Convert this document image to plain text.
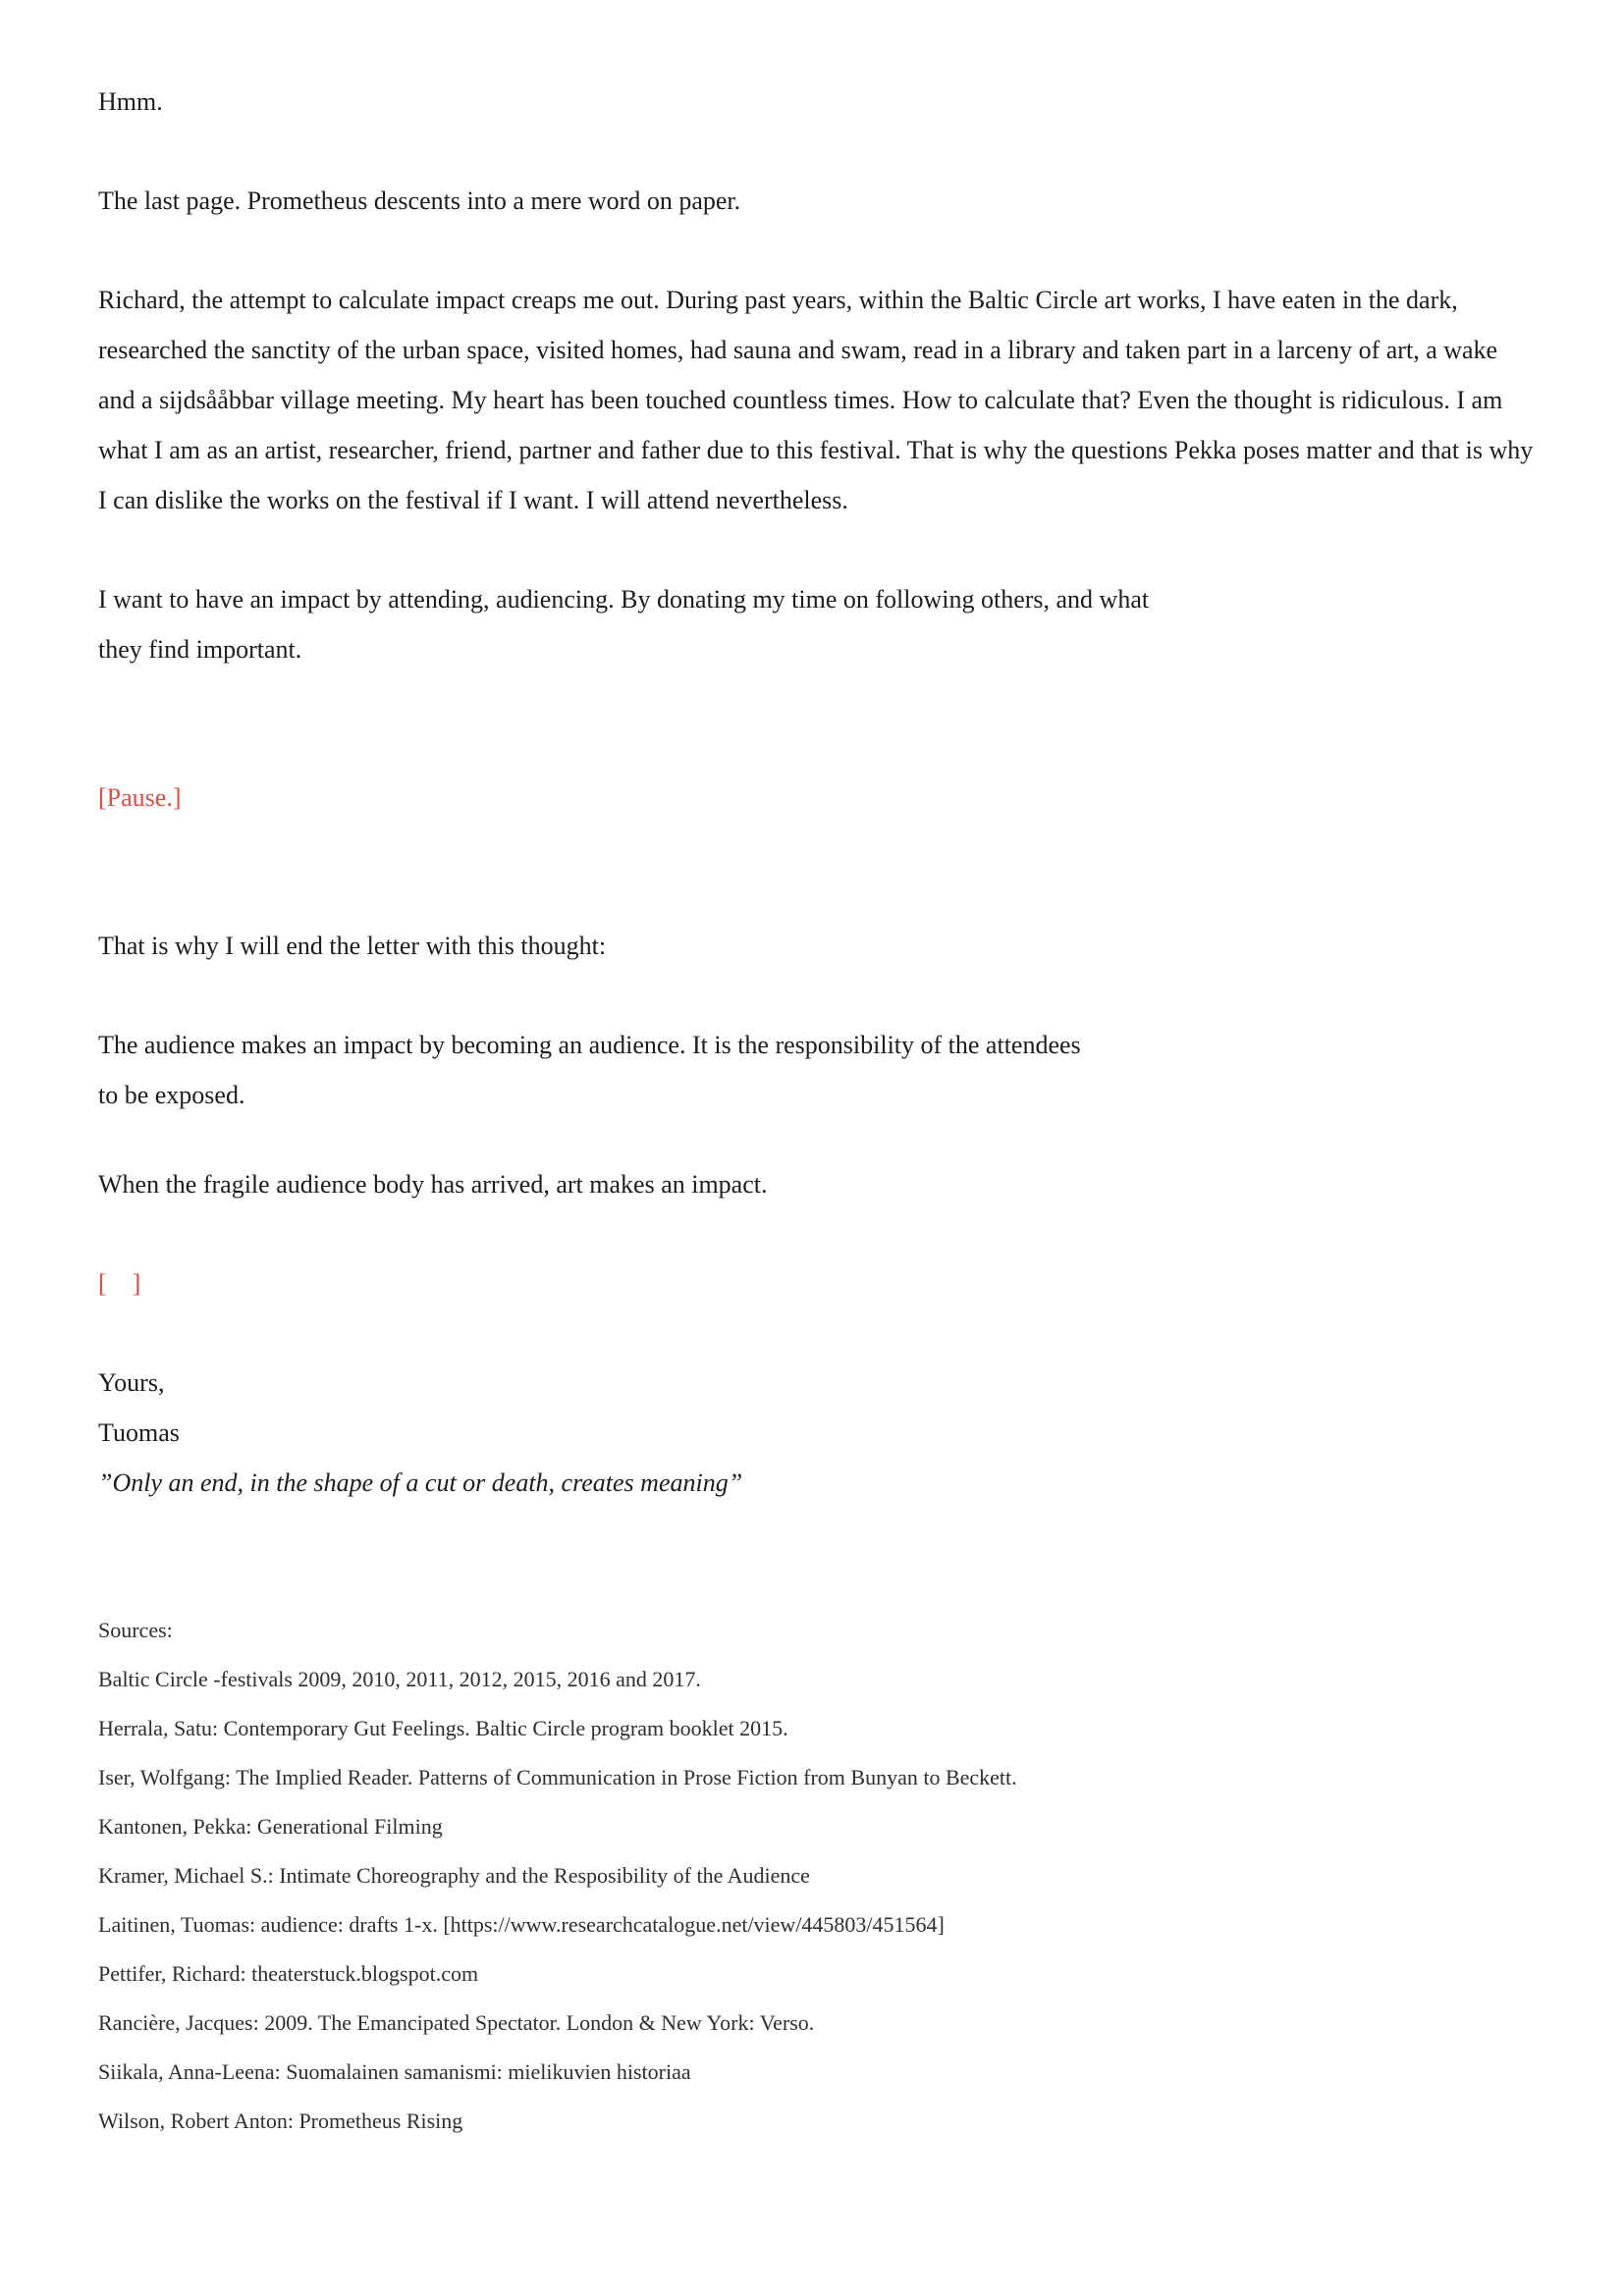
Hmm.

The last page. Prometheus descents into a mere word on paper.

Richard, the attempt to calculate impact creaps me out. During past years, within the Baltic Circle art works, I have eaten in the dark, researched the sanctity of the urban space, visited homes, had sauna and swam, read in a library and taken part in a larceny of art, a wake and a sijdsååbbar village meeting. My heart has been touched countless times. How to calculate that? Even the thought is ridiculous. I am what I am as an artist, researcher, friend, partner and father due to this festival. That is why the questions Pekka poses matter and that is why I can dislike the works on the festival if I want. I will attend nevertheless.

I want to have an impact by attending, audiencing. By donating my time on following others, and what
they find important.

[Pause.]

That is why I will end the letter with this thought:

The audience makes an impact by becoming an audience. It is the responsibility of the attendees
to be exposed.

When the fragile audience body has arrived, art makes an impact.

[    ]

Yours,
Tuomas
”Only an end, in the shape of a cut or death, creates meaning”
Sources:
Baltic Circle -festivals 2009, 2010, 2011, 2012, 2015, 2016 and 2017.
Herrala, Satu: Contemporary Gut Feelings. Baltic Circle program booklet 2015.
Iser, Wolfgang: The Implied Reader. Patterns of Communication in Prose Fiction from Bunyan to Beckett.
Kantonen, Pekka: Generational Filming
Kramer, Michael S.: Intimate Choreography and the Resposibility of the Audience
Laitinen, Tuomas: audience: drafts 1-x. [https://www.researchcatalogue.net/view/445803/451564]
Pettifer, Richard: theaterstuck.blogspot.com
Rancière, Jacques: 2009. The Emancipated Spectator. London & New York: Verso.
Siikala, Anna-Leena: Suomalainen samanismi: mielikuvien historiaa
Wilson, Robert Anton: Prometheus Rising
